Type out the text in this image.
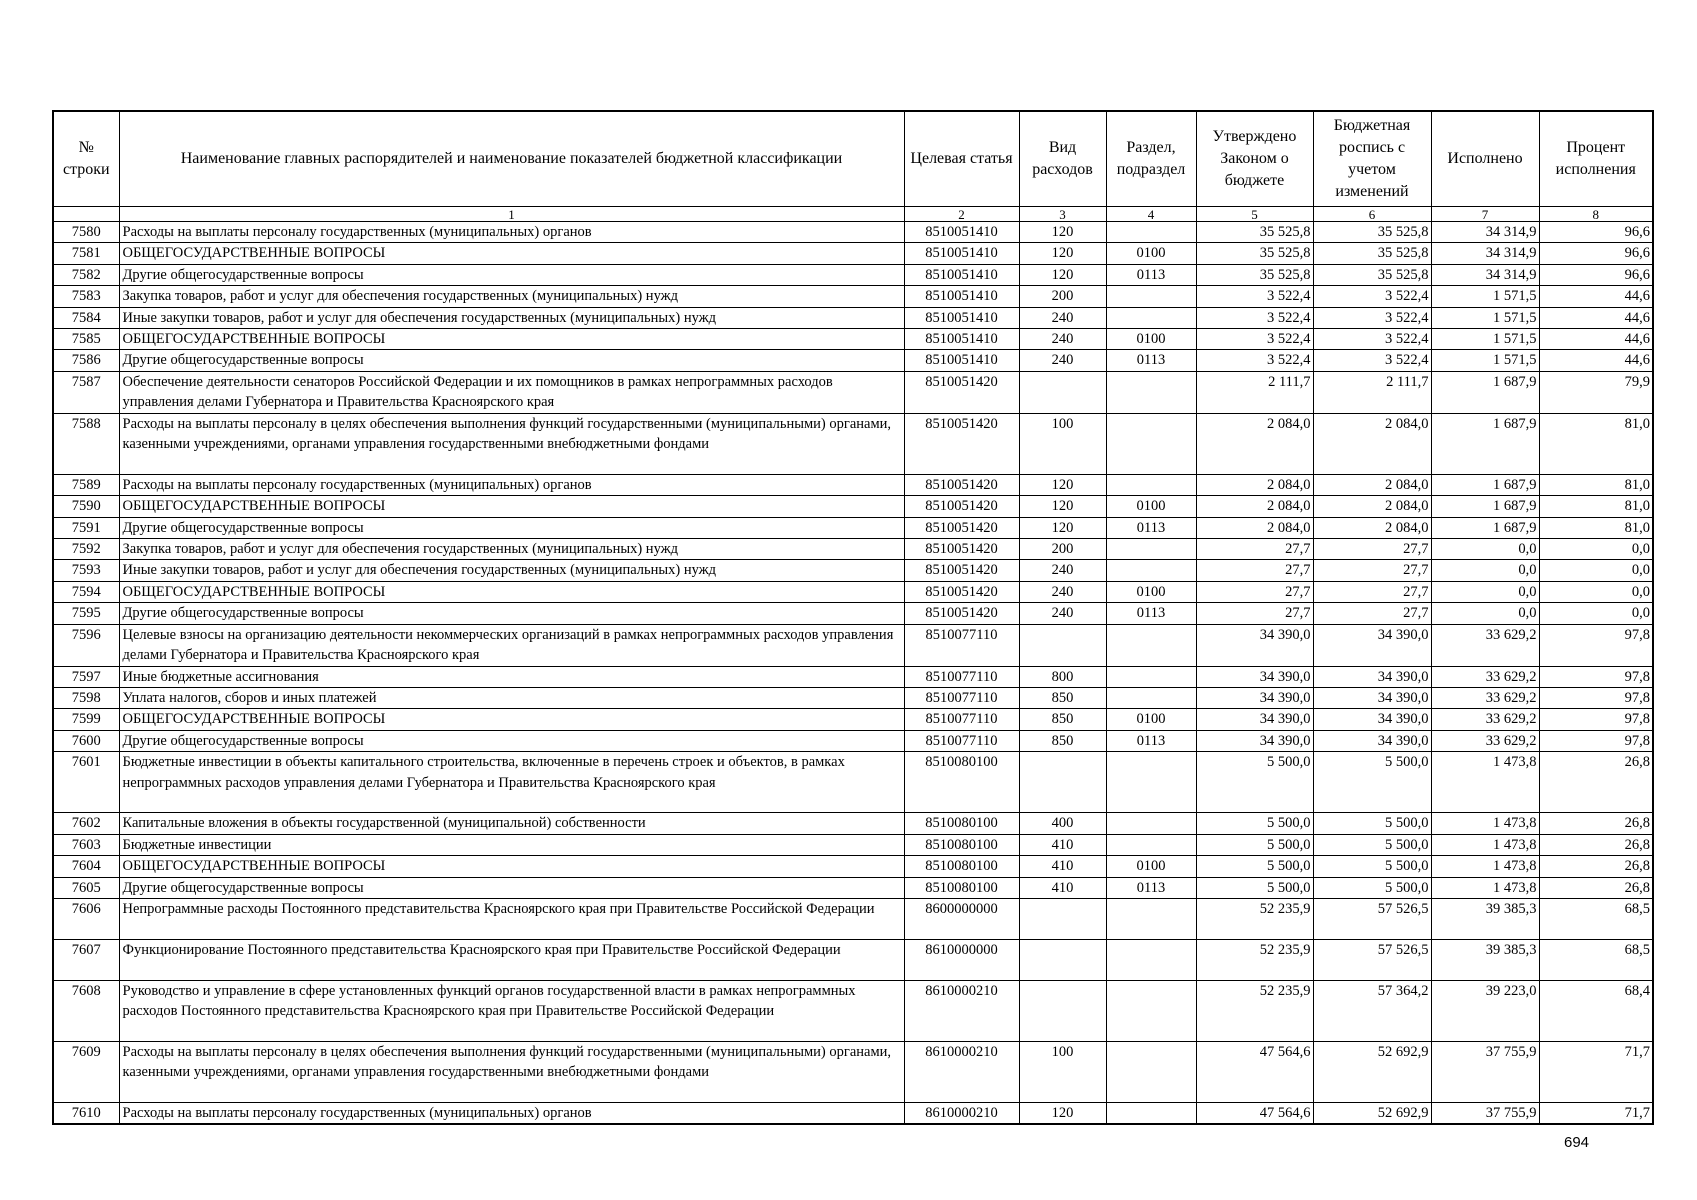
№ строки	Наименование главных распорядителей и наименование показателей бюджетной классификации	Целевая статья	Вид расходов	Раздел, подраздел	Утверждено Законом о бюджете	Бюджетная роспись с учетом изменений	Исполнено	Процент исполнения
	1	2	3	4	5	6	7	8
7580	Расходы на выплаты персоналу государственных (муниципальных) органов	8510051410	120		35 525,8	35 525,8	34 314,9	96,6
7581	ОБЩЕГОСУДАРСТВЕННЫЕ ВОПРОСЫ	8510051410	120	0100	35 525,8	35 525,8	34 314,9	96,6
7582	Другие общегосударственные вопросы	8510051410	120	0113	35 525,8	35 525,8	34 314,9	96,6
7583	Закупка товаров, работ и услуг для обеспечения государственных (муниципальных) нужд	8510051410	200		3 522,4	3 522,4	1 571,5	44,6
7584	Иные закупки товаров, работ и услуг для обеспечения государственных (муниципальных) нужд	8510051410	240		3 522,4	3 522,4	1 571,5	44,6
7585	ОБЩЕГОСУДАРСТВЕННЫЕ ВОПРОСЫ	8510051410	240	0100	3 522,4	3 522,4	1 571,5	44,6
7586	Другие общегосударственные вопросы	8510051410	240	0113	3 522,4	3 522,4	1 571,5	44,6
7587	Обеспечение деятельности сенаторов Российской Федерации и их помощников в рамках непрограммных расходов управления делами Губернатора и Правительства Красноярского края	8510051420			2 111,7	2 111,7	1 687,9	79,9
7588	Расходы на выплаты персоналу в целях обеспечения выполнения функций государственными (муниципальными) органами, казенными учреждениями, органами управления государственными внебюджетными фондами	8510051420	100		2 084,0	2 084,0	1 687,9	81,0
7589	Расходы на выплаты персоналу государственных (муниципальных) органов	8510051420	120		2 084,0	2 084,0	1 687,9	81,0
7590	ОБЩЕГОСУДАРСТВЕННЫЕ ВОПРОСЫ	8510051420	120	0100	2 084,0	2 084,0	1 687,9	81,0
7591	Другие общегосударственные вопросы	8510051420	120	0113	2 084,0	2 084,0	1 687,9	81,0
7592	Закупка товаров, работ и услуг для обеспечения государственных (муниципальных) нужд	8510051420	200		27,7	27,7	0,0	0,0
7593	Иные закупки товаров, работ и услуг для обеспечения государственных (муниципальных) нужд	8510051420	240		27,7	27,7	0,0	0,0
7594	ОБЩЕГОСУДАРСТВЕННЫЕ ВОПРОСЫ	8510051420	240	0100	27,7	27,7	0,0	0,0
7595	Другие общегосударственные вопросы	8510051420	240	0113	27,7	27,7	0,0	0,0
7596	Целевые взносы на организацию деятельности некоммерческих организаций в рамках непрограммных расходов управления делами Губернатора и Правительства Красноярского края	8510077110			34 390,0	34 390,0	33 629,2	97,8
7597	Иные бюджетные ассигнования	8510077110	800		34 390,0	34 390,0	33 629,2	97,8
7598	Уплата налогов, сборов и иных платежей	8510077110	850		34 390,0	34 390,0	33 629,2	97,8
7599	ОБЩЕГОСУДАРСТВЕННЫЕ ВОПРОСЫ	8510077110	850	0100	34 390,0	34 390,0	33 629,2	97,8
7600	Другие общегосударственные вопросы	8510077110	850	0113	34 390,0	34 390,0	33 629,2	97,8
7601	Бюджетные инвестиции в объекты капитального строительства, включенные в перечень строек и объектов, в рамках непрограммных расходов управления делами Губернатора и Правительства Красноярского края	8510080100			5 500,0	5 500,0	1 473,8	26,8
7602	Капитальные вложения в объекты государственной (муниципальной) собственности	8510080100	400		5 500,0	5 500,0	1 473,8	26,8
7603	Бюджетные инвестиции	8510080100	410		5 500,0	5 500,0	1 473,8	26,8
7604	ОБЩЕГОСУДАРСТВЕННЫЕ ВОПРОСЫ	8510080100	410	0100	5 500,0	5 500,0	1 473,8	26,8
7605	Другие общегосударственные вопросы	8510080100	410	0113	5 500,0	5 500,0	1 473,8	26,8
7606	Непрограммные расходы Постоянного представительства Красноярского края при Правительстве Российской Федерации	8600000000			52 235,9	57 526,5	39 385,3	68,5
7607	Функционирование Постоянного представительства Красноярского края при Правительстве Российской Федерации	8610000000			52 235,9	57 526,5	39 385,3	68,5
7608	Руководство и управление в сфере установленных функций органов государственной власти в рамках непрограммных расходов Постоянного представительства Красноярского края при Правительстве Российской Федерации	8610000210			52 235,9	57 364,2	39 223,0	68,4
7609	Расходы на выплаты персоналу в целях обеспечения выполнения функций государственными (муниципальными) органами, казенными учреждениями, органами управления государственными внебюджетными фондами	8610000210	100		47 564,6	52 692,9	37 755,9	71,7
7610	Расходы на выплаты персоналу государственных (муниципальных) органов	8610000210	120		47 564,6	52 692,9	37 755,9	71,7
694
